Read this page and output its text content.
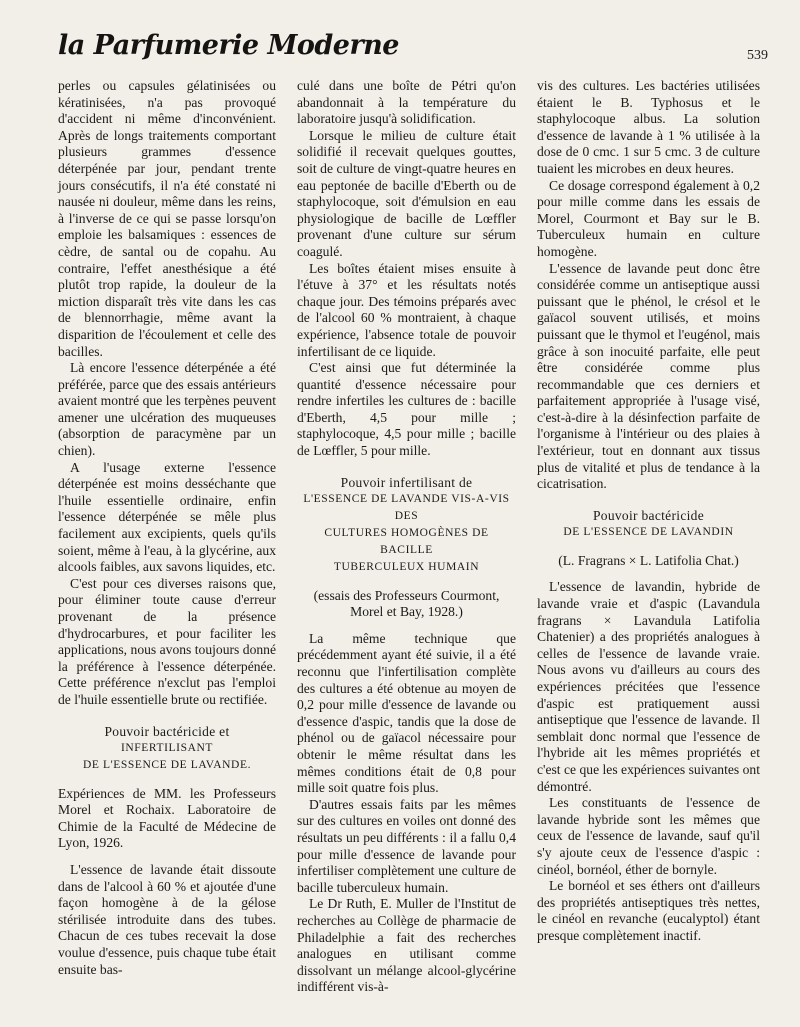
la Parfumerie Moderne	539

perles ou capsules gélatinisées ou kératinisées, n'a pas provoqué d'accident ni même d'inconvénient. Après de longs traitements comportant plusieurs grammes d'essence déterpénée par jour, pendant trente jours consécutifs, il n'a été constaté ni nausée ni douleur, même dans les reins, à l'inverse de ce qui se passe lorsqu'on emploie les balsamiques : essences de cèdre, de santal ou de copahu. Au contraire, l'effet anesthésique a été plutôt trop rapide, la douleur de la miction disparaît très vite dans les cas de blennorrhagie, même avant la disparition de l'écoulement et celle des bacilles.

Là encore l'essence déterpénée a été préférée, parce que des essais antérieurs avaient montré que les terpènes peuvent amener une ulcération des muqueuses (absorption de paracymène par un chien).

A l'usage externe l'essence déterpénée est moins desséchante que l'huile essentielle ordinaire, enfin l'essence déterpénée se mêle plus facilement aux excipients, quels qu'ils soient, même à l'eau, à la glycérine, aux alcools faibles, aux savons liquides, etc.

C'est pour ces diverses raisons que, pour éliminer toute cause d'erreur provenant de la présence d'hydrocarbures, et pour faciliter les applications, nous avons toujours donné la préférence à l'essence déterpénée. Cette préférence n'exclut pas l'emploi de l'huile essentielle brute ou rectifiée.

Pouvoir bactéricide et
INFERTILISANT
DE L'ESSENCE DE LAVANDE.

Expériences de MM. les Professeurs Morel et Rochaix. Laboratoire de Chimie de la Faculté de Médecine de Lyon, 1926.

L'essence de lavande était dissoute dans de l'alcool à 60 % et ajoutée d'une façon homogène à de la gélose stérilisée introduite dans des tubes. Chacun de ces tubes recevait la dose voulue d'essence, puis chaque tube était ensuite bas-

culé dans une boîte de Pétri qu'on abandonnait à la température du laboratoire jusqu'à solidification.

Lorsque le milieu de culture était solidifié il recevait quelques gouttes, soit de culture de vingt-quatre heures en eau peptonée de bacille d'Eberth ou de staphylocoque, soit d'émulsion en eau physiologique de bacille de Lœffler provenant d'une culture sur sérum coagulé.

Les boîtes étaient mises ensuite à l'étuve à 37° et les résultats notés chaque jour. Des témoins préparés avec de l'alcool 60 % montraient, à chaque expérience, l'absence totale de pouvoir infertilisant de ce liquide.

C'est ainsi que fut déterminée la quantité d'essence nécessaire pour rendre infertiles les cultures de : bacille d'Eberth, 4,5 pour mille ; staphylocoque, 4,5 pour mille ; bacille de Lœffler, 5 pour mille.

Pouvoir infertilisant de
L'ESSENCE DE LAVANDE VIS-A-VIS DES
CULTURES HOMOGÈNES DE BACILLE
TUBERCULEUX HUMAIN

(essais des Professeurs Courmont, Morel et Bay, 1928.)

La même technique que précédemment ayant été suivie, il a été reconnu que l'infertilisation complète des cultures a été obtenue au moyen de 0,2 pour mille d'essence de lavande ou d'essence d'aspic, tandis que la dose de phénol ou de gaïacol nécessaire pour obtenir le même résultat dans les mêmes conditions était de 0,8 pour mille soit quatre fois plus.

D'autres essais faits par les mêmes sur des cultures en voiles ont donné des résultats un peu différents : il a fallu 0,4 pour mille d'essence de lavande pour infertiliser complètement une culture de bacille tuberculeux humain.

Le Dr Ruth, E. Muller de l'Institut de recherches au Collège de pharmacie de Philadelphie a fait des recherches analogues en utilisant comme dissolvant un mélange alcool-glycérine indifférent vis-à-

vis des cultures. Les bactéries utilisées étaient le B. Typhosus et le staphylocoque albus. La solution d'essence de lavande à 1 % utilisée à la dose de 0 cmc. 1 sur 5 cmc. 3 de culture tuaient les microbes en deux heures.

Ce dosage correspond également à 0,2 pour mille comme dans les essais de Morel, Courmont et Bay sur le B. Tuberculeux humain en culture homogène.

L'essence de lavande peut donc être considérée comme un antiseptique aussi puissant que le phénol, le crésol et le gaïacol souvent utilisés, et moins puissant que le thymol et l'eugénol, mais grâce à son inocuité parfaite, elle peut être considérée comme plus recommandable que ces derniers et parfaitement appropriée à l'usage visé, c'est-à-dire à la désinfection parfaite de l'organisme à l'intérieur ou des plaies à l'extérieur, tout en donnant aux tissus plus de vitalité et plus de tendance à la cicatrisation.

Pouvoir bactéricide
DE L'ESSENCE DE LAVANDIN

(L. Fragrans × L. Latifolia Chat.)

L'essence de lavandin, hybride de lavande vraie et d'aspic (Lavandula fragrans × Lavandula Latifolia Chatenier) a des propriétés analogues à celles de l'essence de lavande vraie. Nous avons vu d'ailleurs au cours des expériences précitées que l'essence d'aspic est pratiquement aussi antiseptique que l'essence de lavande. Il semblait donc normal que l'essence de l'hybride ait les mêmes propriétés et c'est ce que les expériences suivantes ont démontré.

Les constituants de l'essence de lavande hybride sont les mêmes que ceux de l'essence de lavande, sauf qu'il s'y ajoute ceux de l'essence d'aspic : cinéol, bornéol, éther de bornyle.

Le bornéol et ses éthers ont d'ailleurs des propriétés antiseptiques très nettes, le cinéol en revanche (eucalyptol) étant presque complètement inactif.
